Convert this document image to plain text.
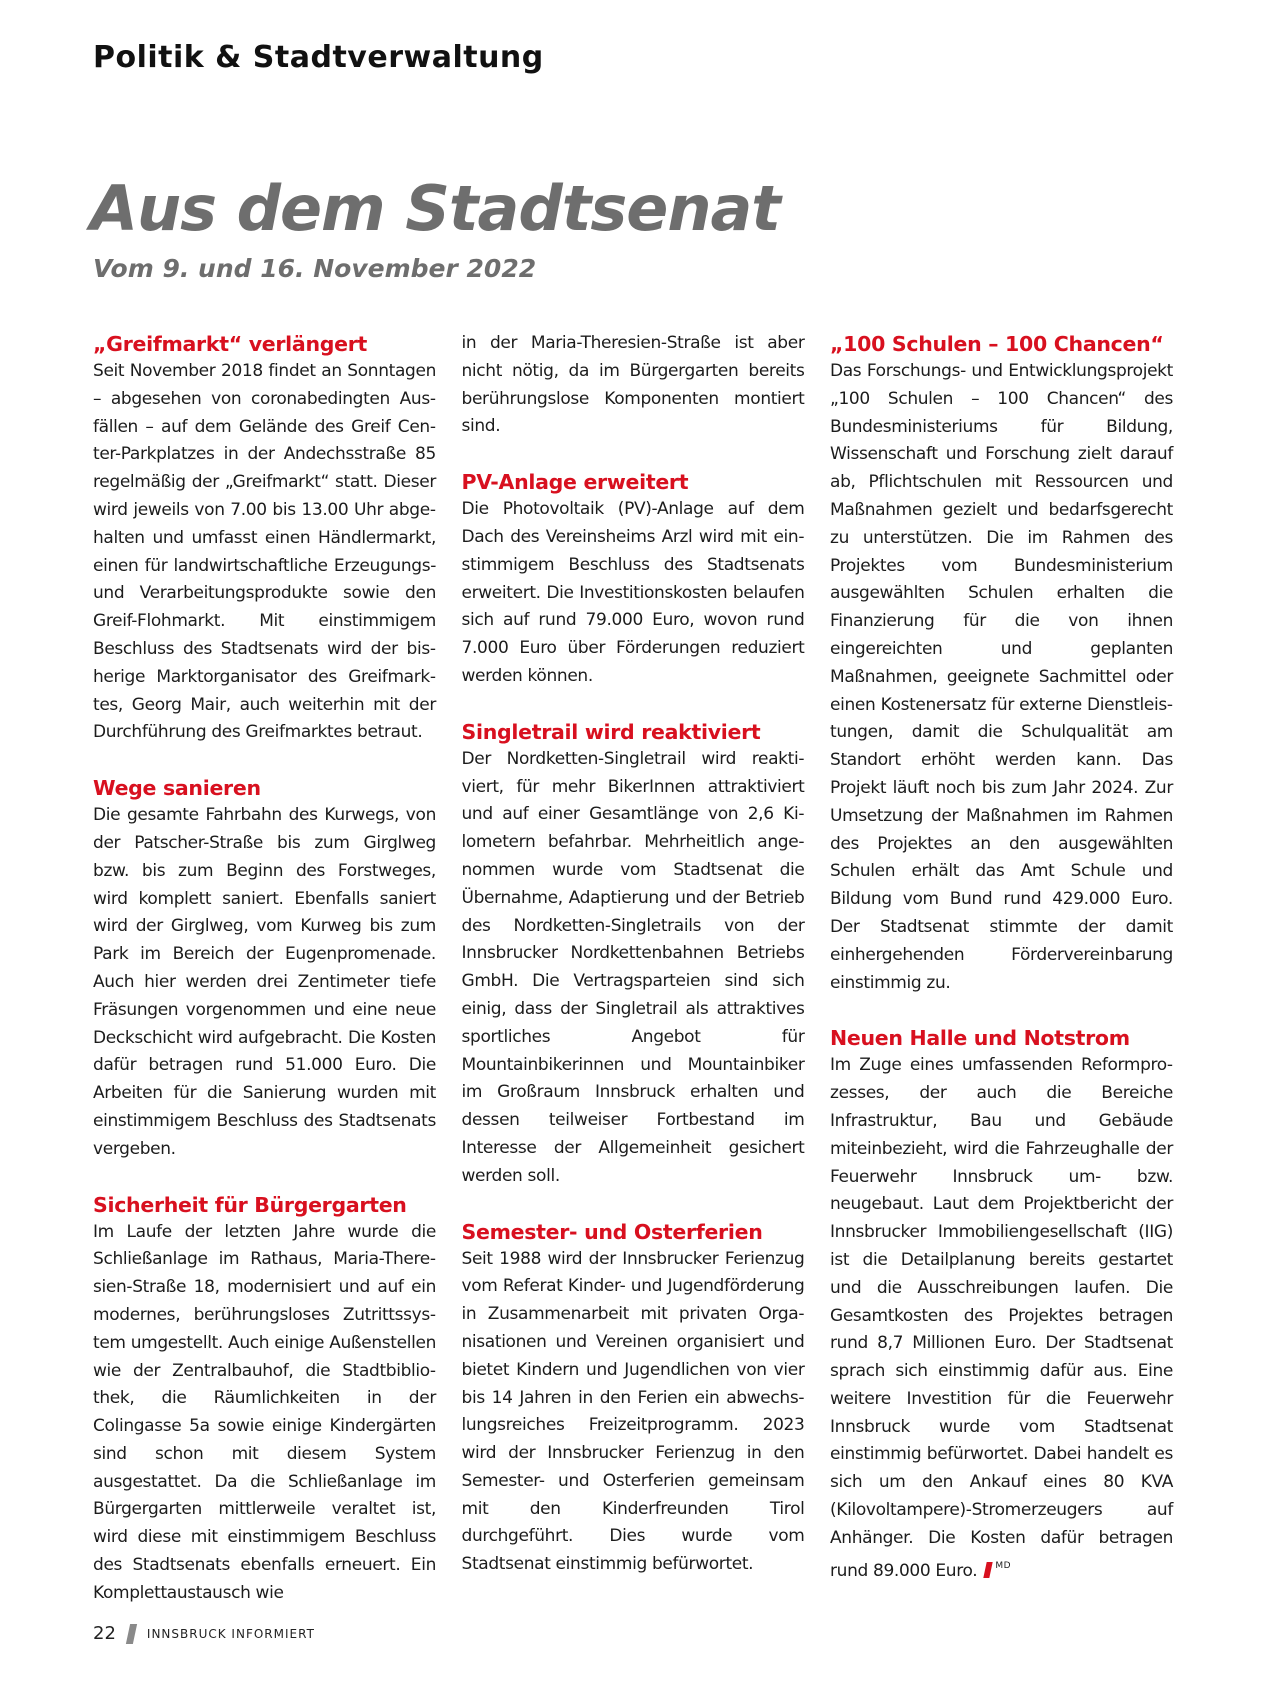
Politik & Stadtverwaltung
Aus dem Stadtsenat
Vom 9. und 16. November 2022
„Greifmarkt“ verlängert

Seit November 2018 findet an Sonntagen – abgesehen von coronabedingten Ausfällen – auf dem Gelände des Greif Center-Parkplatzes in der Andechsstraße 85 regelmäßig der „Greifmarkt“ statt. Dieser wird jeweils von 7.00 bis 13.00 Uhr abgehalten und umfasst einen Händlermarkt, einen für landwirtschaftliche Erzeugungs- und Verarbeitungsprodukte sowie den Greif-Flohmarkt. Mit einstimmigem Beschluss des Stadtsenats wird der bisherige Marktorganisator des Greifmarktes, Georg Mair, auch weiterhin mit der Durchführung des Greifmarktes betraut.

Wege sanieren

Die gesamte Fahrbahn des Kurwegs, von der Patscher-Straße bis zum Girglweg bzw. bis zum Beginn des Forstweges, wird komplett saniert. Ebenfalls saniert wird der Girglweg, vom Kurweg bis zum Park im Bereich der Eugenpromenade. Auch hier werden drei Zentimeter tiefe Fräsungen vorgenommen und eine neue Deckschicht wird aufgebracht. Die Kosten dafür betragen rund 51.000 Euro. Die Arbeiten für die Sanierung wurden mit einstimmigem Beschluss des Stadtsenats vergeben.

Sicherheit für Bürgergarten

Im Laufe der letzten Jahre wurde die Schließanlage im Rathaus, Maria-Theresien-Straße 18, modernisiert und auf ein modernes, berührungsloses Zutrittssystem umgestellt. Auch einige Außenstellen wie der Zentralbauhof, die Stadtbibliothek, die Räumlichkeiten in der Colingasse 5a sowie einige Kindergärten sind schon mit diesem System ausgestattet. Da die Schließanlage im Bürgergarten mittlerweile veraltet ist, wird diese mit einstimmigem Beschluss des Stadtsenats ebenfalls erneuert. Ein Komplettaustausch wie

in der Maria-Theresien-Straße ist aber nicht nötig, da im Bürgergarten bereits berührungslose Komponenten montiert sind.

PV-Anlage erweitert

Die Photovoltaik (PV)-Anlage auf dem Dach des Vereinsheims Arzl wird mit einstimmigem Beschluss des Stadtsenats erweitert. Die Investitionskosten belaufen sich auf rund 79.000 Euro, wovon rund 7.000 Euro über Förderungen reduziert werden können.

Singletrail wird reaktiviert

Der Nordketten-Singletrail wird reaktiviert, für mehr BikerInnen attraktiviert und auf einer Gesamtlänge von 2,6 Kilometern befahrbar. Mehrheitlich angenommen wurde vom Stadtsenat die Übernahme, Adaptierung und der Betrieb des Nordketten-Singletrails von der Innsbrucker Nordkettenbahnen Betriebs GmbH. Die Vertragsparteien sind sich einig, dass der Singletrail als attraktives sportliches Angebot für Mountainbikerinnen und Mountainbiker im Großraum Innsbruck erhalten und dessen teilweiser Fortbestand im Interesse der Allgemeinheit gesichert werden soll.

Semester- und Osterferien

Seit 1988 wird der Innsbrucker Ferienzug vom Referat Kinder- und Jugendförderung in Zusammenarbeit mit privaten Organisationen und Vereinen organisiert und bietet Kindern und Jugendlichen von vier bis 14 Jahren in den Ferien ein abwechslungsreiches Freizeitprogramm. 2023 wird der Innsbrucker Ferienzug in den Semester- und Osterferien gemeinsam mit den Kinderfreunden Tirol durchgeführt. Dies wurde vom Stadtsenat einstimmig befürwortet.

„100 Schulen – 100 Chancen“

Das Forschungs- und Entwicklungsprojekt „100 Schulen – 100 Chancen“ des Bundesministeriums für Bildung, Wissenschaft und Forschung zielt darauf ab, Pflichtschulen mit Ressourcen und Maßnahmen gezielt und bedarfsgerecht zu unterstützen. Die im Rahmen des Projektes vom Bundesministerium ausgewählten Schulen erhalten die Finanzierung für die von ihnen eingereichten und geplanten Maßnahmen, geeignete Sachmittel oder einen Kostenersatz für externe Dienstleistungen, damit die Schulqualität am Standort erhöht werden kann. Das Projekt läuft noch bis zum Jahr 2024. Zur Umsetzung der Maßnahmen im Rahmen des Projektes an den ausgewählten Schulen erhält das Amt Schule und Bildung vom Bund rund 429.000 Euro. Der Stadtsenat stimmte der damit einhergehenden Fördervereinbarung einstimmig zu.

Neuen Halle und Notstrom

Im Zuge eines umfassenden Reformprozesses, der auch die Bereiche Infrastruktur, Bau und Gebäude miteinbezieht, wird die Fahrzeughalle der Feuerwehr Innsbruck um- bzw. neugebaut. Laut dem Projektbericht der Innsbrucker Immobiliengesellschaft (IIG) ist die Detailplanung bereits gestartet und die Ausschreibungen laufen. Die Gesamtkosten des Projektes betragen rund 8,7 Millionen Euro. Der Stadtsenat sprach sich einstimmig dafür aus. Eine weitere Investition für die Feuerwehr Innsbruck wurde vom Stadtsenat einstimmig befürwortet. Dabei handelt es sich um den Ankauf eines 80 KVA (Kilovoltampere)-Stromerzeugers auf Anhänger. Die Kosten dafür betragen rund 89.000 Euro. $^{MD}$

22	INNSBRUCK INFORMIERT
